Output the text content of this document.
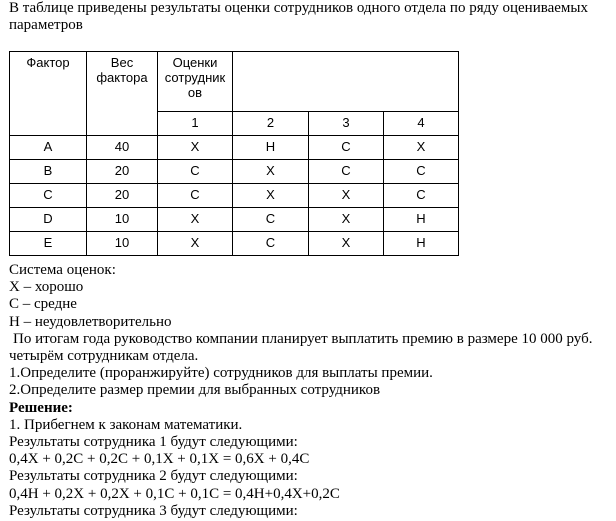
В таблице приведены результаты оценки сотрудников одного отдела по ряду оцениваемых параметров

Фактор	Вес фактора	Оценки сотрудник ов			
		1	2	3	4
A	40	X	Н	С	X
B	20	С	X	С	С
C	20	С	X	X	С
D	10	X	С	X	Н
E	10	X	С	X	Н

Система оценок:

Х – хорошо

С – средне

Н – неудовлетворительно

По итогам года руководство компании планирует выплатить премию в размере 10 000 руб. четырём сотрудникам отдела.

1.Определите (проранжируйте) сотрудников для выплаты премии.

2.Определите размер премии для выбранных сотрудников

Решение:

1. Прибегнем к законам математики.

Результаты сотрудника 1 будут следующими:

0,4Х + 0,2С + 0,2С + 0,1Х + 0,1Х = 0,6Х + 0,4С

Результаты сотрудника 2 будут следующими:

0,4Н + 0,2Х + 0,2Х + 0,1С + 0,1С = 0,4Н+0,4Х+0,2С

Результаты сотрудника 3 будут следующими:
